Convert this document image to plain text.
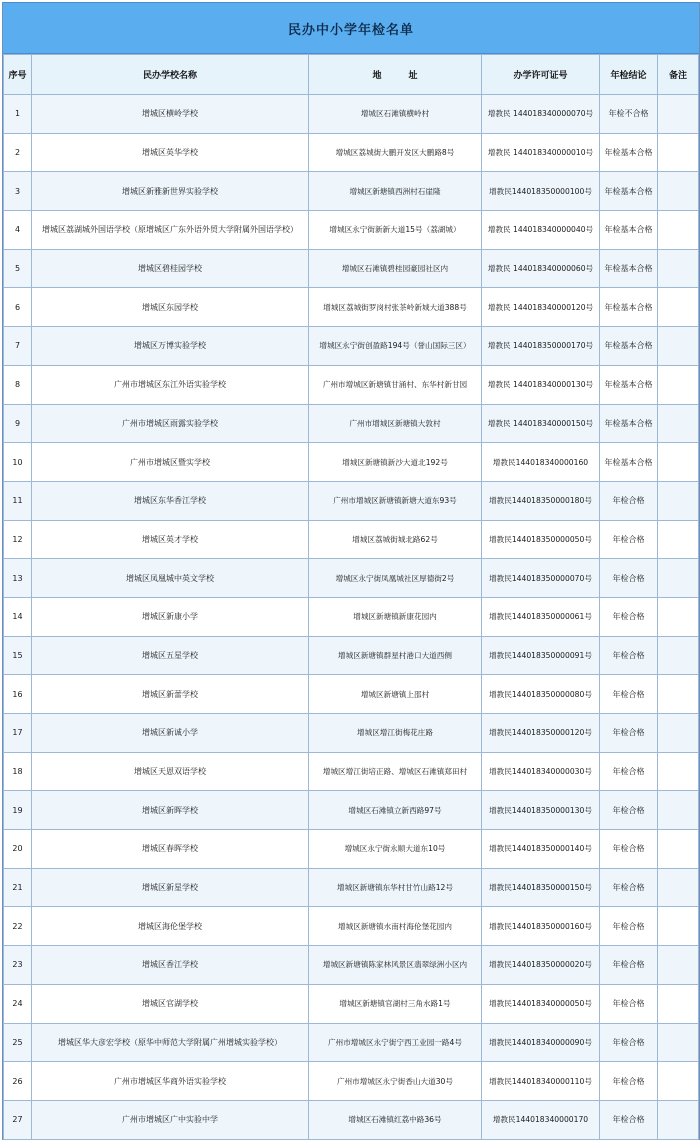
民办中小学年检名单
序号	民办学校名称	地　　　址	办学许可证号	年检结论	备注
1	增城区横岭学校	增城区石滩镇横岭村	增教民 144018340000070号	年检不合格	
2	增城区英华学校	增城区荔城街大鹏开发区大鹏路8号	增教民 144018340000010号	年检基本合格	
3	增城区新雅新世界实验学校	增城区新塘镇西洲村石崖隆	增教民144018350000100号	年检基本合格	
4	增城区荔湖城外国语学校（原增城区广东外语外贸大学附属外国语学校）	增城区永宁街新新大道15号（荔湖城）	增教民 144018340000040号	年检基本合格	
5	增城区碧桂园学校	增城区石滩镇碧桂园豪园社区内	增教民 144018340000060号	年检基本合格	
6	增城区东园学校	增城区荔城街罗岗村张茶岭新城大道388号	增教民 144018340000120号	年检基本合格	
7	增城区万博实验学校	增城区永宁街创盈路194号（誉山国际三区）	增教民 144018350000170号	年检基本合格	
8	广州市增城区东江外语实验学校	广州市增城区新塘镇甘涌村、东华村新甘园	增教民 144018340000130号	年检基本合格	
9	广州市增城区雨露实验学校	广州市增城区新塘镇大敦村	增教民 144018340000150号	年检基本合格	
10	广州市增城区暨实学校	增城区新塘镇新沙大道北192号	增教民144018340000160	年检基本合格	
11	增城区东华香江学校	广州市增城区新塘镇新塘大道东93号	增教民144018350000180号	年检合格	
12	增城区英才学校	增城区荔城街城北路62号	增教民144018350000050号	年检合格	
13	增城区凤凰城中英文学校	增城区永宁街凤凰城社区厚德街2号	增教民144018350000070号	年检合格	
14	增城区新康小学	增城区新塘镇新康花园内	增教民144018350000061号	年检合格	
15	增城区五星学校	增城区新塘镇群星村港口大道西侧	增教民144018350000091号	年检合格	
16	增城区新蕾学校	增城区新塘镇上邵村	增教民144018350000080号	年检合格	
17	增城区新诚小学	增城区增江街梅花庄路	增教民144018350000120号	年检合格	
18	增城区天恩双语学校	增城区增江街培正路、增城区石滩镇郑田村	增教民144018340000030号	年检合格	
19	增城区新晖学校	增城区石滩镇立新西路97号	增教民144018350000130号	年检合格	
20	增城区春晖学校	增城区永宁街永顺大道东10号	增教民144018350000140号	年检合格	
21	增城区新星学校	增城区新塘镇东华村甘竹山路12号	增教民144018350000150号	年检合格	
22	增城区海伦堡学校	增城区新塘镇水南村海伦堡花园内	增教民144018350000160号	年检合格	
23	增城区香江学校	增城区新塘镇陈家林风景区翡翠绿洲小区内	增教民144018350000020号	年检合格	
24	增城区官湖学校	增城区新塘镇官湖村三角水路1号	增教民144018340000050号	年检合格	
25	增城区华大彦宏学校（原华中师范大学附属广州增城实验学校）	广州市增城区永宁街宁西工业园一路4号	增教民144018340000090号	年检合格	
26	广州市增城区华商外语实验学校	广州市增城区永宁街香山大道30号	增教民144018340000110号	年检合格	
27	广州市增城区广中实验中学	增城区石滩镇红荔中路36号	增教民144018340000170	年检合格	
